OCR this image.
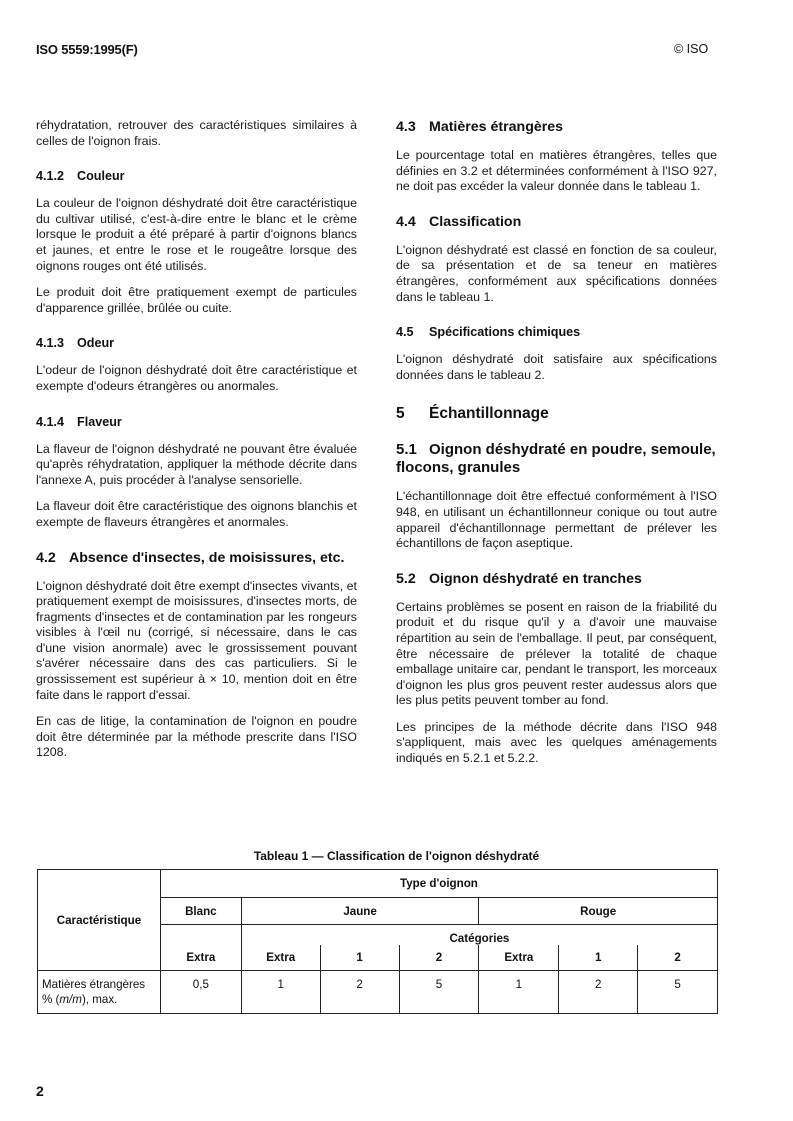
ISO 5559:1995(F)	© ISO

réhydratation, retrouver des caractéristiques similaires à celles de l'oignon frais.

4.1.2 Couleur

La couleur de l'oignon déshydraté doit être caractéristique du cultivar utilisé, c'est-à-dire entre le blanc et le crème lorsque le produit a été préparé à partir d'oignons blancs et jaunes, et entre le rose et le rougeâtre lorsque des oignons rouges ont été utilisés.

Le produit doit être pratiquement exempt de particules d'apparence grillée, brûlée ou cuite.

4.1.3 Odeur

L'odeur de l'oignon déshydraté doit être caractéristique et exempte d'odeurs étrangères ou anormales.

4.1.4 Flaveur

La flaveur de l'oignon déshydraté ne pouvant être évaluée qu'après réhydratation, appliquer la méthode décrite dans l'annexe A, puis procéder à l'analyse sensorielle.

La flaveur doit être caractéristique des oignons blanchis et exempte de flaveurs étrangères et anormales.

4.2 Absence d'insectes, de moisissures, etc.

L'oignon déshydraté doit être exempt d'insectes vivants, et pratiquement exempt de moisissures, d'insectes morts, de fragments d'insectes et de contamination par les rongeurs visibles à l'œil nu (corrigé, si nécessaire, dans le cas d'une vision anormale) avec le grossissement pouvant s'avérer nécessaire dans des cas particuliers. Si le grossissement est supérieur à × 10, mention doit en être faite dans le rapport d'essai.

En cas de litige, la contamination de l'oignon en poudre doit être déterminée par la méthode prescrite dans l'ISO 1208.

4.3 Matières étrangères

Le pourcentage total en matières étrangères, telles que définies en 3.2 et déterminées conformément à l'ISO 927, ne doit pas excéder la valeur donnée dans le tableau 1.

4.4 Classification

L'oignon déshydraté est classé en fonction de sa couleur, de sa présentation et de sa teneur en matières étrangères, conformément aux spécifications données dans le tableau 1.

4.5 Spécifications chimiques

L'oignon déshydraté doit satisfaire aux spécifications données dans le tableau 2.

5 Échantillonnage
5.1 Oignon déshydraté en poudre, semoule, flocons, granules

L'échantillonnage doit être effectué conformément à l'ISO 948, en utilisant un échantillonneur conique ou tout autre appareil d'échantillonnage permettant de prélever les échantillons de façon aseptique.

5.2 Oignon déshydraté en tranches

Certains problèmes se posent en raison de la friabilité du produit et du risque qu'il y a d'avoir une mauvaise répartition au sein de l'emballage. Il peut, par conséquent, être nécessaire de prélever la totalité de chaque emballage unitaire car, pendant le transport, les morceaux d'oignon les plus gros peuvent rester audessus alors que les plus petits peuvent tomber au fond.

Les principes de la méthode décrite dans l'ISO 948 s'appliquent, mais avec les quelques aménagements indiqués en 5.2.1 et 5.2.2.

Tableau 1 — Classification de l'oignon déshydraté
Caractéristique	Type d'oignon						
	Blanc	Jaune			Rouge		
		Catégories					
	Extra	Extra	1	2	Extra	1	2
Matières étrangères
% (m/m), max.	0,5	1	2	5	1	2	5
2
